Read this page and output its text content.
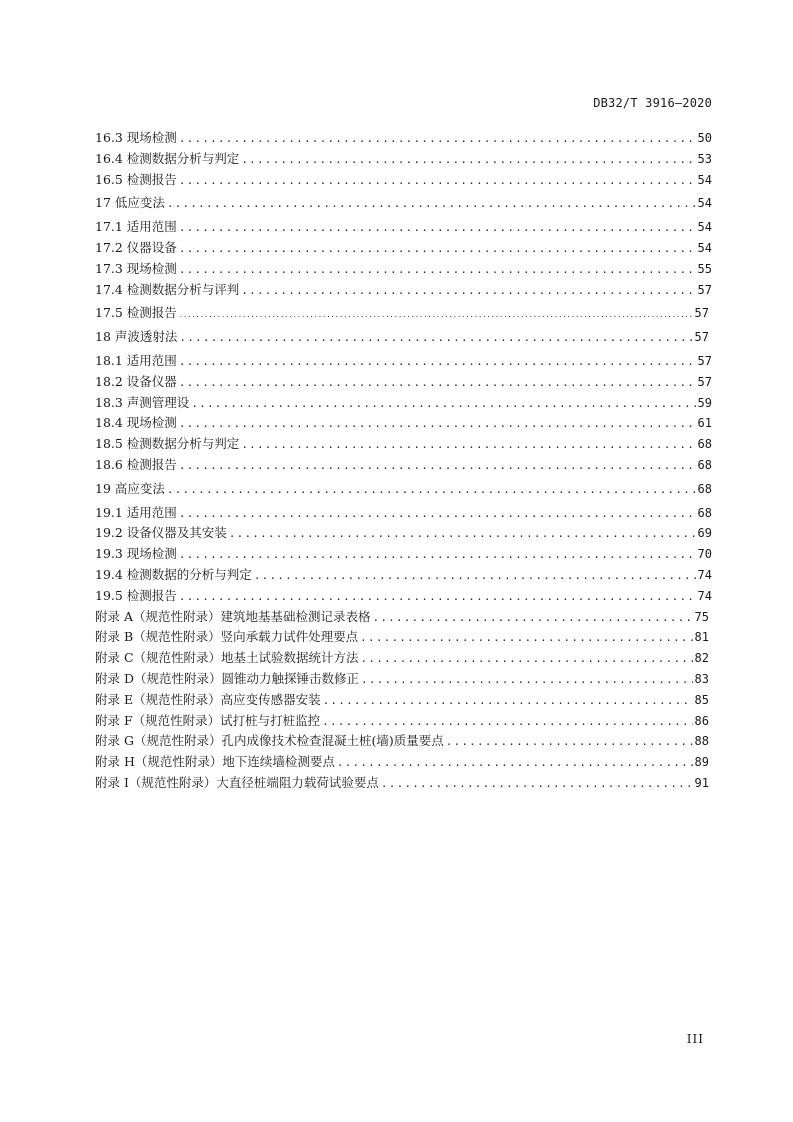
DB32/T 3916—2020
16.3 现场检测 .....	50
16.4 检测数据分析与判定 .....	53
16.5 检测报告 .....	54
17 低应变法 .....	54
17.1 适用范围 .....	54
17.2 仪器设备 .....	54
17.3 现场检测 .....	55
17.4 检测数据分析与评判 .....	57
17.5 检测报告 .....	57
18 声波透射法 .....	57
18.1 适用范围 .....	57
18.2 设备仪器 .....	57
18.3 声测管理设 .....	59
18.4 现场检测 .....	61
18.5 检测数据分析与判定 .....	68
18.6 检测报告 .....	68
19 高应变法 .....	68
19.1 适用范围 .....	68
19.2 设备仪器及其安装 .....	69
19.3 现场检测 .....	70
19.4 检测数据的分析与判定 .....	74
19.5 检测报告 .....	74
附录 A（规范性附录）建筑地基基础检测记录表格 .....	75
附录 B（规范性附录）竖向承载力试件处理要点 .....	81
附录 C（规范性附录）地基土试验数据统计方法 .....	82
附录 D（规范性附录）圆锥动力触探锤击数修正 .....	83
附录 E（规范性附录）高应变传感器安装 .....	85
附录 F（规范性附录）试打桩与打桩监控 .....	86
附录 G（规范性附录）孔内成像技术检查混凝土桩(墙)质量要点 .....	88
附录 H（规范性附录）地下连续墙检测要点 .....	89
附录 I（规范性附录）大直径桩端阻力载荷试验要点 .....	91
III
